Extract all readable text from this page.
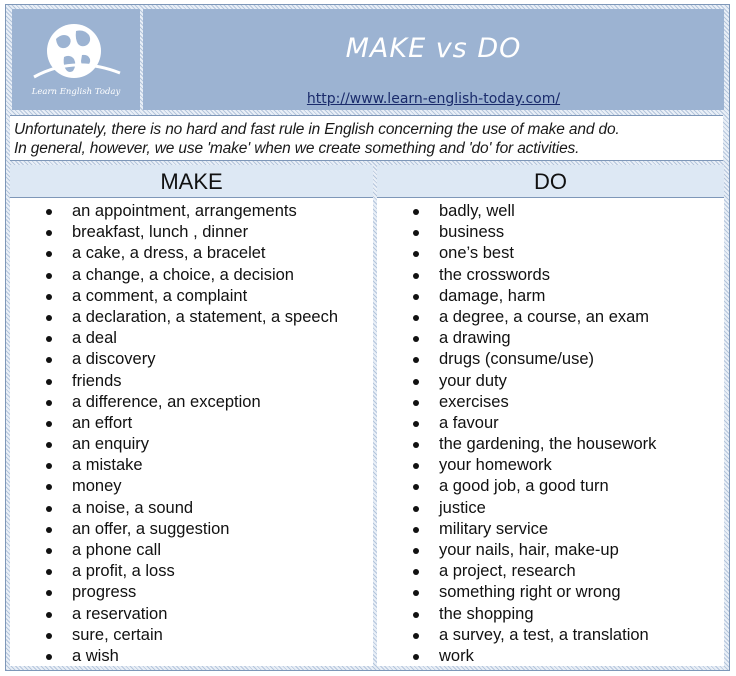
Learn English Today
MAKE vs DO
http://www.learn-english-today.com/
Unfortunately, there is no hard and fast rule in English concerning the use of make and do.
In general, however, we use 'make' when we create something and 'do' for activities.
MAKE	DO
an appointment, arrangements
breakfast, lunch , dinner
a cake, a dress, a bracelet
a change, a choice, a decision
a comment, a complaint
a declaration, a statement, a speech
a deal
a discovery
friends
a difference, an exception
an effort
an enquiry
a mistake
money
a noise, a sound
an offer, a suggestion
a phone call
a profit, a loss
progress
a reservation
sure, certain
a wish
badly, well
business
one’s best
the crosswords
damage, harm
a degree, a course, an exam
a drawing
drugs (consume/use)
your duty
exercises
a favour
the gardening, the housework
your homework
a good job, a good turn
justice
military service
your nails, hair, make-up
a project, research
something right or wrong
the shopping
a survey, a test, a translation
work
